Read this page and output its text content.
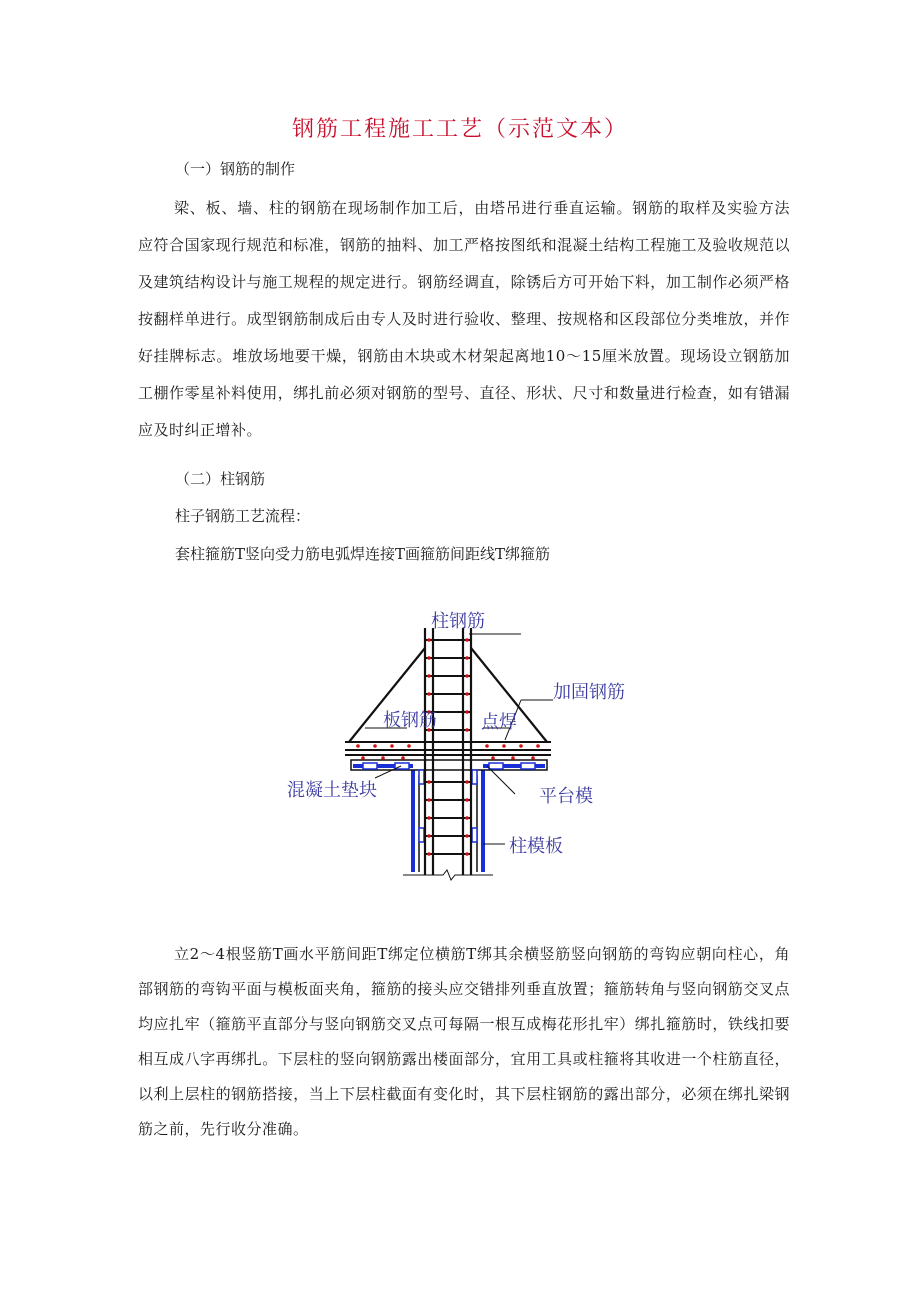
钢筋工程施工工艺（示范文本）
（一）钢筋的制作
梁、板、墙、柱的钢筋在现场制作加工后，由塔吊进行垂直运输。钢筋的取样及实验方法应符合国家现行规范和标准，钢筋的抽料、加工严格按图纸和混凝土结构工程施工及验收规范以及建筑结构设计与施工规程的规定进行。钢筋经调直，除锈后方可开始下料，加工制作必须严格按翻样单进行。成型钢筋制成后由专人及时进行验收、整理、按规格和区段部位分类堆放，并作好挂牌标志。堆放场地要干燥，钢筋由木块或木材架起离地10～15厘米放置。现场设立钢筋加工棚作零星补料使用，绑扎前必须对钢筋的型号、直径、形状、尺寸和数量进行检查，如有错漏应及时纠正增补。
（二）柱钢筋
柱子钢筋工艺流程：
套柱箍筋T竖向受力筋电弧焊连接T画箍筋间距线T绑箍筋
柱钢筋
加固钢筋
板钢筋 点焊
混凝土垫块	平台模
柱模板
立2～4根竖筋T画水平筋间距T绑定位横筋T绑其余横竖筋竖向钢筋的弯钩应朝向柱心，角部钢筋的弯钩平面与模板面夹角，箍筋的接头应交错排列垂直放置；箍筋转角与竖向钢筋交叉点均应扎牢（箍筋平直部分与竖向钢筋交叉点可每隔一根互成梅花形扎牢）绑扎箍筋时，铁线扣要相互成八字再绑扎。下层柱的竖向钢筋露出楼面部分，宜用工具或柱箍将其收进一个柱筋直径，以利上层柱的钢筋搭接，当上下层柱截面有变化时，其下层柱钢筋的露出部分，必须在绑扎梁钢筋之前，先行收分准确。
